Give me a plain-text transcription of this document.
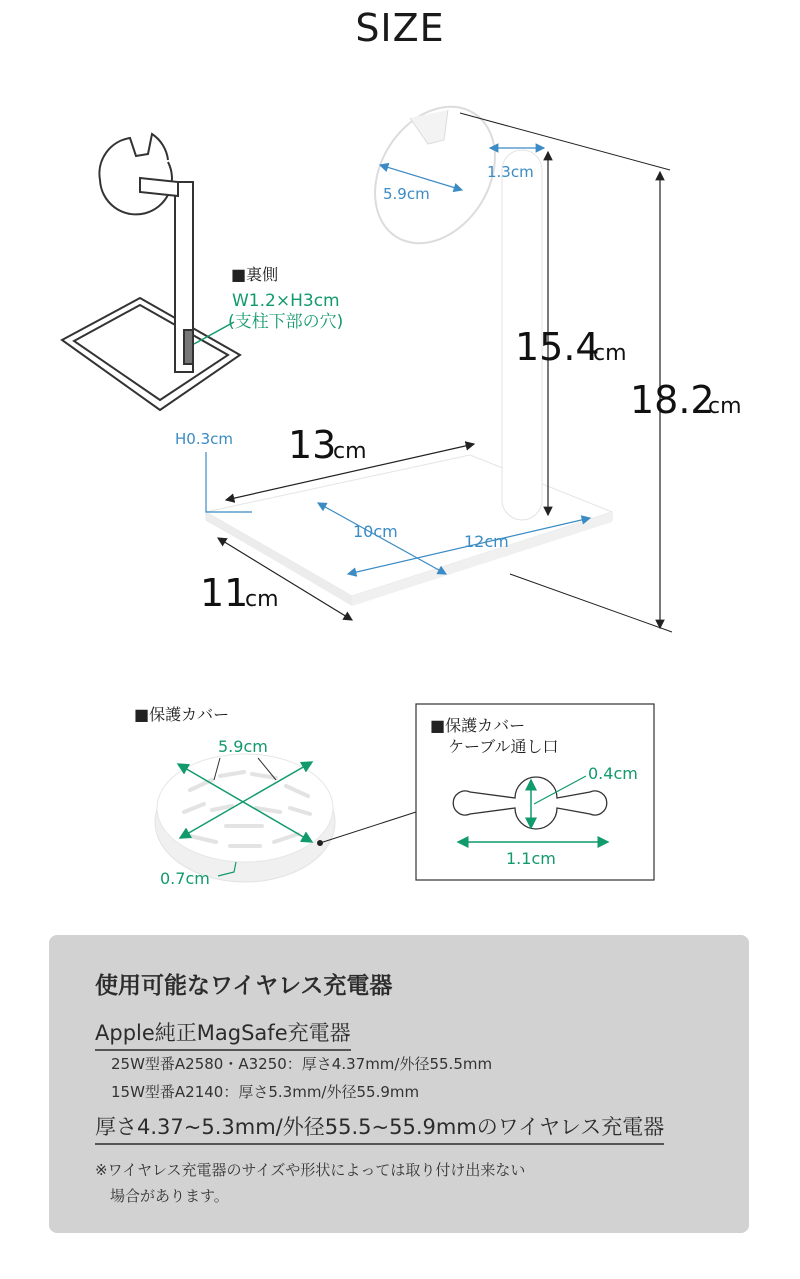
SIZE
■裏側
W1.2×H3cm
(支柱下部の穴)
18.2
cm
15.4
cm
13
cm
11
cm
H0.3cm
10cm
12cm
5.9cm
1.3cm
■保護カバー
5.9cm
0.7cm
■保護カバー
ケーブル通し口
0.4cm
1.1cm
使用可能なワイヤレス充電器
Apple純正MagSafe充電器
25W型番A2580・A3250：厚さ4.37mm/外径55.5mm
15W型番A2140：厚さ5.3mm/外径55.9mm
厚さ4.37~5.3mm/外径55.5~55.9mmのワイヤレス充電器
※ワイヤレス充電器のサイズや形状によっては取り付け出来ない
　場合があります。
